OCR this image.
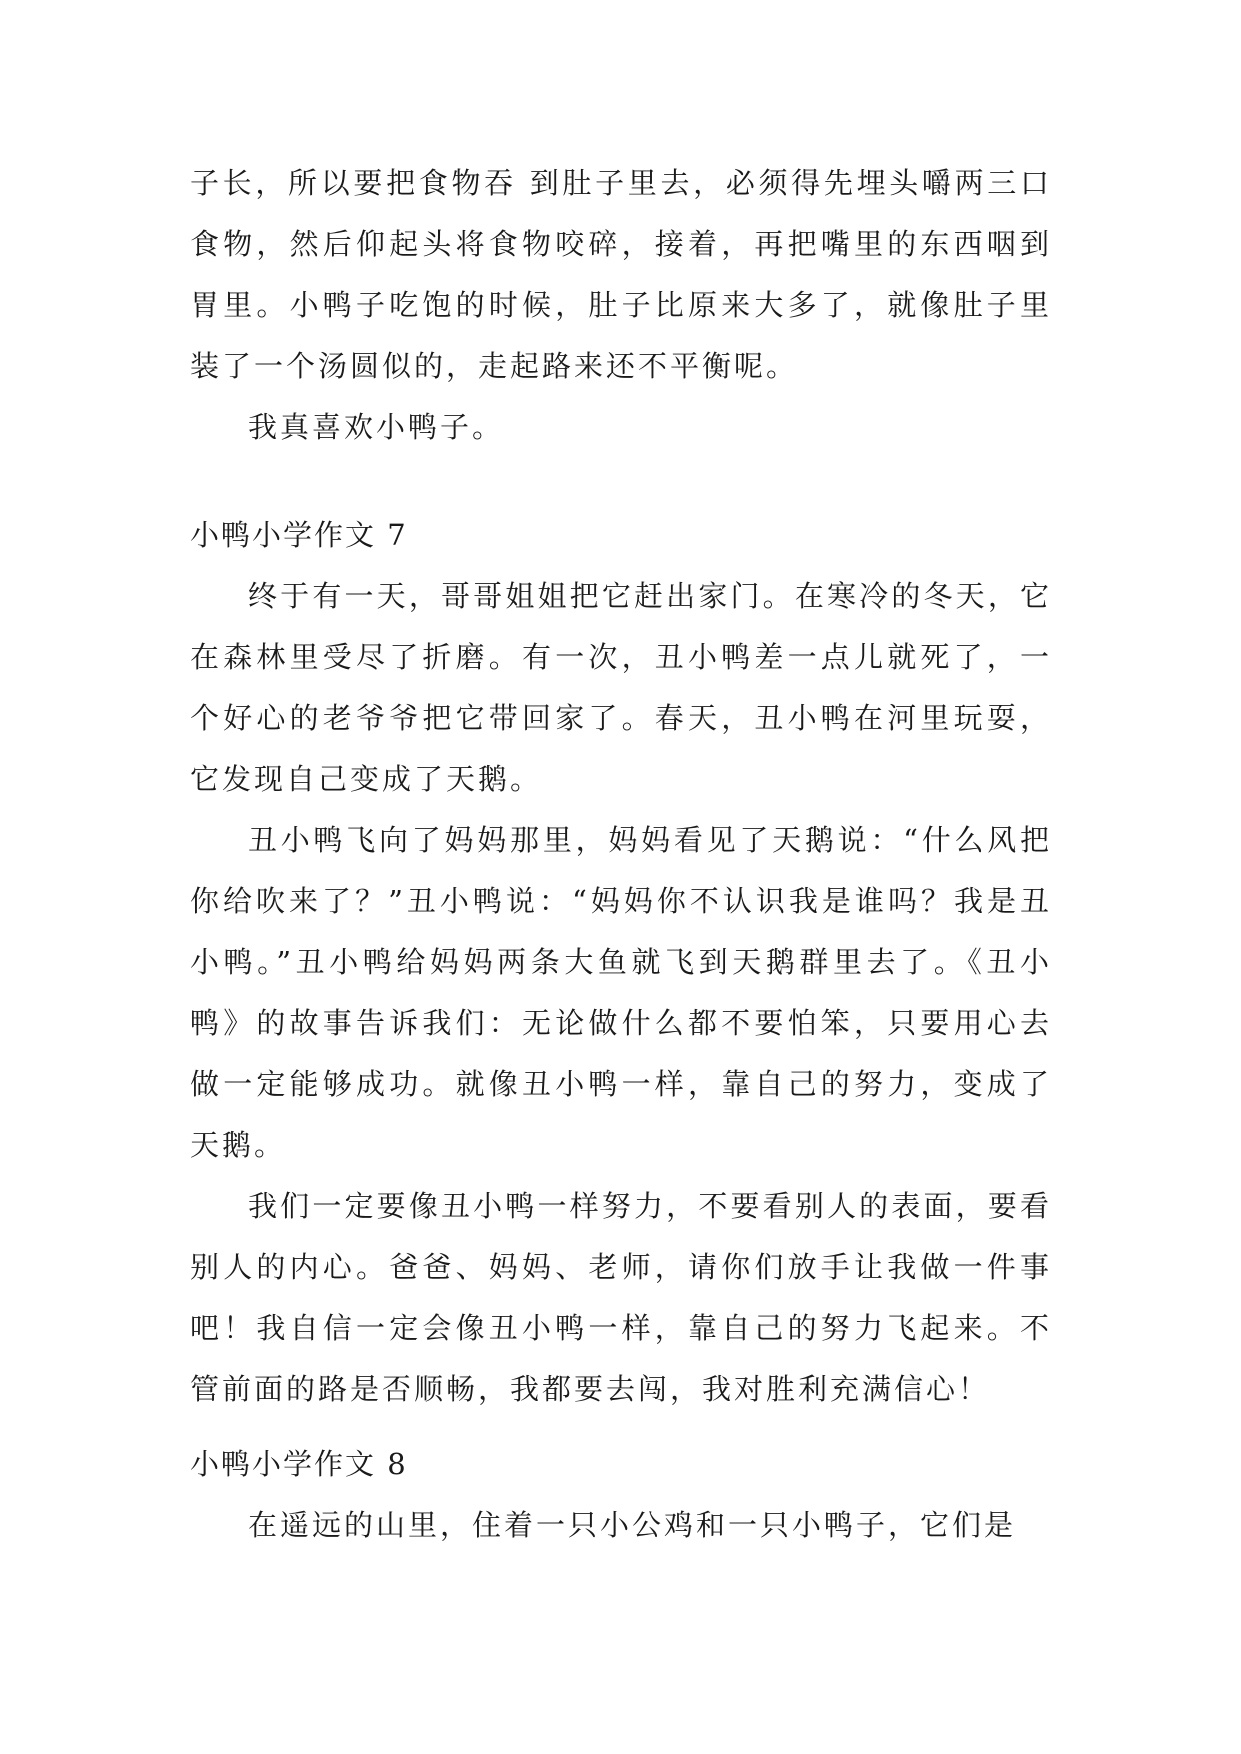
子长，所以要把食物吞 到肚子里去，必须得先埋头嚼两三口食物，然后仰起头将食物咬碎，接着，再把嘴里的东西咽到胃里。小鸭子吃饱的时候，肚子比原来大多了，就像肚子里装了一个汤圆似的，走起路来还不平衡呢。

我真喜欢小鸭子。

小鸭小学作文 7

终于有一天，哥哥姐姐把它赶出家门。在寒冷的冬天，它在森林里受尽了折磨。有一次，丑小鸭差一点儿就死了，一个好心的老爷爷把它带回家了。春天，丑小鸭在河里玩耍，它发现自己变成了天鹅。

丑小鸭飞向了妈妈那里，妈妈看见了天鹅说：“什么风把你给吹来了？”丑小鸭说：“妈妈你不认识我是谁吗？我是丑小鸭。”丑小鸭给妈妈两条大鱼就飞到天鹅群里去了。《丑小鸭》的故事告诉我们：无论做什么都不要怕笨，只要用心去做一定能够成功。就像丑小鸭一样，靠自己的努力，变成了天鹅。

我们一定要像丑小鸭一样努力，不要看别人的表面，要看别人的内心。爸爸、妈妈、老师，请你们放手让我做一件事吧！我自信一定会像丑小鸭一样，靠自己的努力飞起来。不管前面的路是否顺畅，我都要去闯，我对胜利充满信心！

小鸭小学作文 8

在遥远的山里，住着一只小公鸡和一只小鸭子，它们是
